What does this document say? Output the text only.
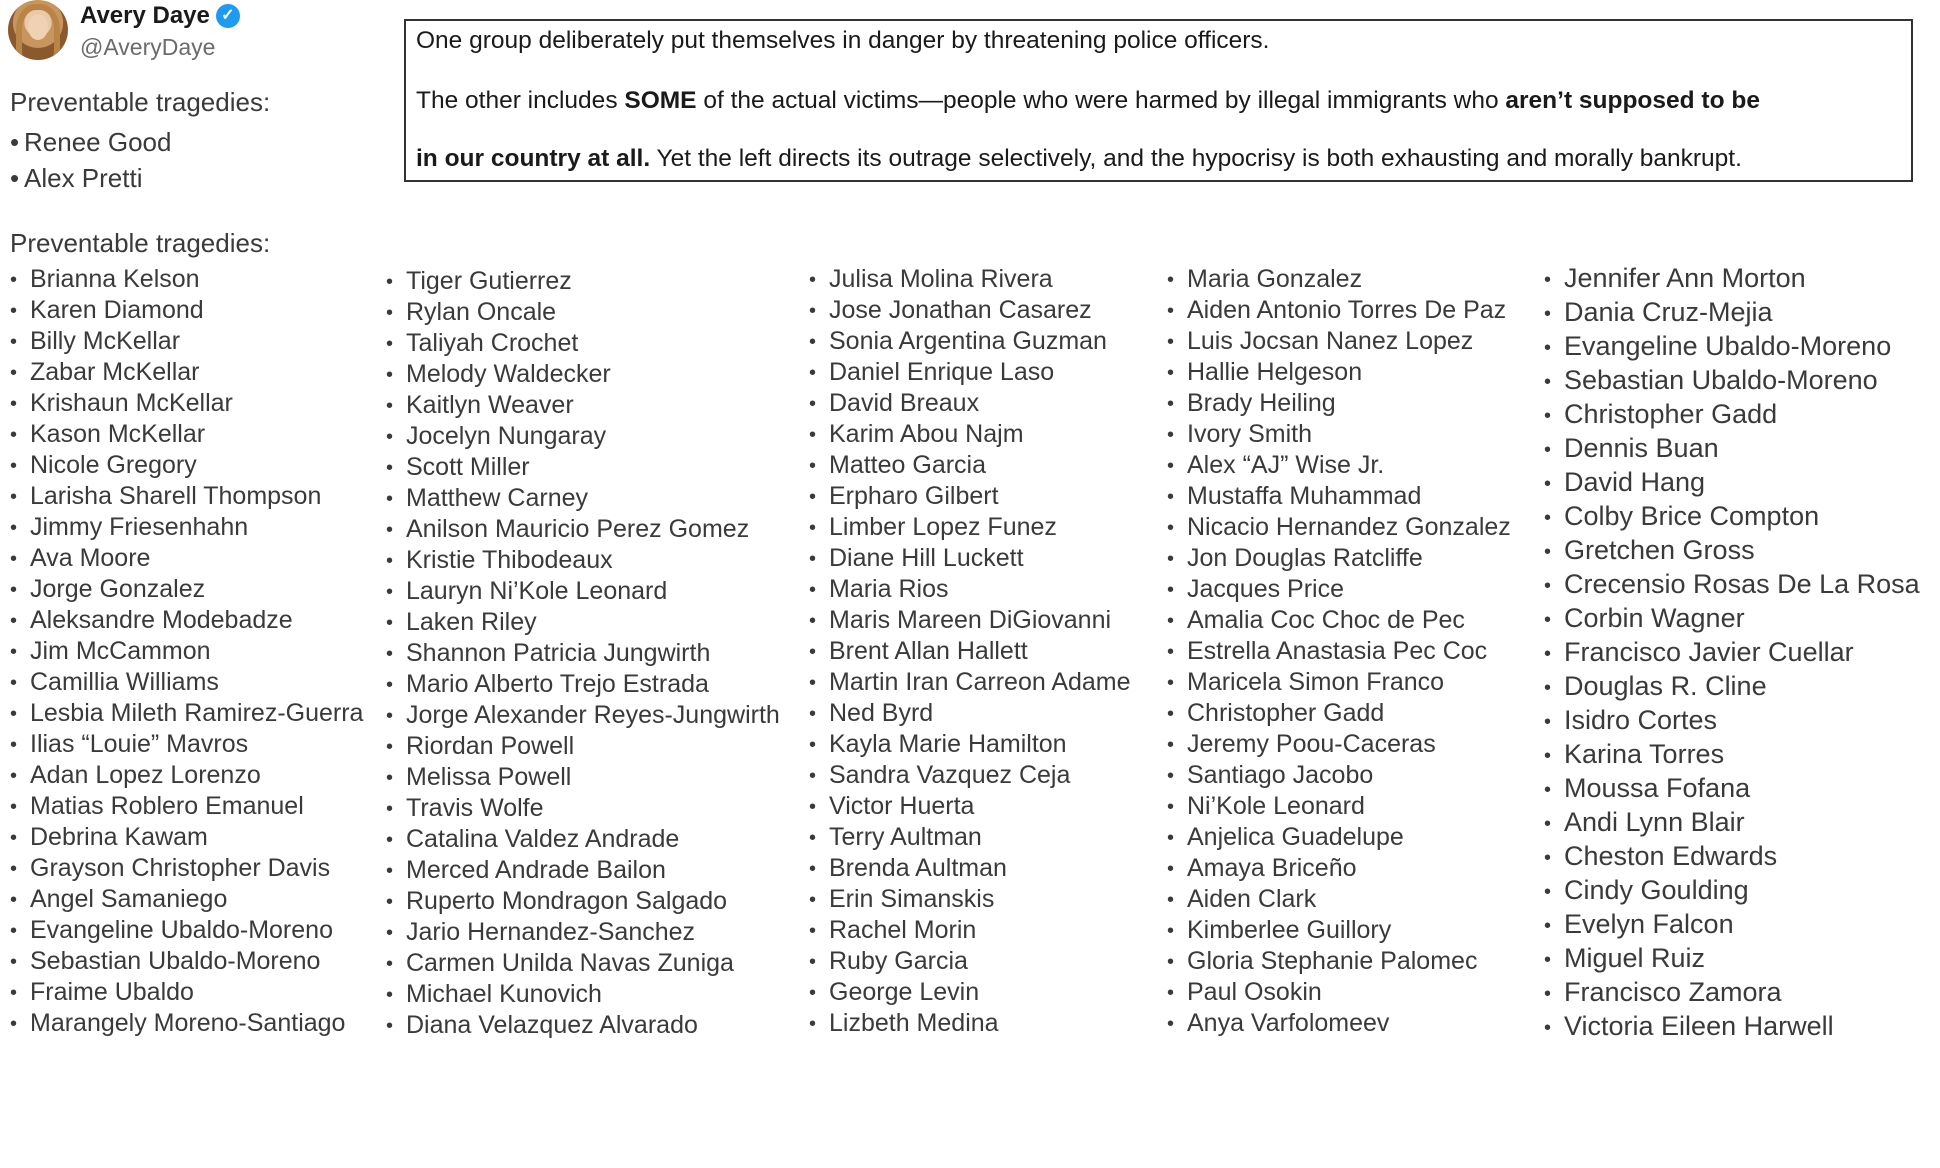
Avery Daye ✓
@AveryDaye
Preventable tragedies:
• Renee Good
• Alex Pretti
One group deliberately put themselves in danger by threatening police officers.
The other includes SOME of the actual victims—people who were harmed by illegal immigrants who aren’t supposed to be
in our country at all. Yet the left directs its outrage selectively, and the hypocrisy is both exhausting and morally bankrupt.
Preventable tragedies:
• Brianna Kelson
• Karen Diamond
• Billy McKellar
• Zabar McKellar
• Krishaun McKellar
• Kason McKellar
• Nicole Gregory
• Larisha Sharell Thompson
• Jimmy Friesenhahn
• Ava Moore
• Jorge Gonzalez
• Aleksandre Modebadze
• Jim McCammon
• Camillia Williams
• Lesbia Mileth Ramirez-Guerra
• Ilias “Louie” Mavros
• Adan Lopez Lorenzo
• Matias Roblero Emanuel
• Debrina Kawam
• Grayson Christopher Davis
• Angel Samaniego
• Evangeline Ubaldo-Moreno
• Sebastian Ubaldo-Moreno
• Fraime Ubaldo
• Marangely Moreno-Santiago
• Tiger Gutierrez
• Rylan Oncale
• Taliyah Crochet
• Melody Waldecker
• Kaitlyn Weaver
• Jocelyn Nungaray
• Scott Miller
• Matthew Carney
• Anilson Mauricio Perez Gomez
• Kristie Thibodeaux
• Lauryn Ni’Kole Leonard
• Laken Riley
• Shannon Patricia Jungwirth
• Mario Alberto Trejo Estrada
• Jorge Alexander Reyes-Jungwirth
• Riordan Powell
• Melissa Powell
• Travis Wolfe
• Catalina Valdez Andrade
• Merced Andrade Bailon
• Ruperto Mondragon Salgado
• Jario Hernandez-Sanchez
• Carmen Unilda Navas Zuniga
• Michael Kunovich
• Diana Velazquez Alvarado
• Julisa Molina Rivera
• Jose Jonathan Casarez
• Sonia Argentina Guzman
• Daniel Enrique Laso
• David Breaux
• Karim Abou Najm
• Matteo Garcia
• Erpharo Gilbert
• Limber Lopez Funez
• Diane Hill Luckett
• Maria Rios
• Maris Mareen DiGiovanni
• Brent Allan Hallett
• Martin Iran Carreon Adame
• Ned Byrd
• Kayla Marie Hamilton
• Sandra Vazquez Ceja
• Victor Huerta
• Terry Aultman
• Brenda Aultman
• Erin Simanskis
• Rachel Morin
• Ruby Garcia
• George Levin
• Lizbeth Medina
• Maria Gonzalez
• Aiden Antonio Torres De Paz
• Luis Jocsan Nanez Lopez
• Hallie Helgeson
• Brady Heiling
• Ivory Smith
• Alex “AJ” Wise Jr.
• Mustaffa Muhammad
• Nicacio Hernandez Gonzalez
• Jon Douglas Ratcliffe
• Jacques Price
• Amalia Coc Choc de Pec
• Estrella Anastasia Pec Coc
• Maricela Simon Franco
• Christopher Gadd
• Jeremy Poou-Caceras
• Santiago Jacobo
• Ni’Kole Leonard
• Anjelica Guadelupe
• Amaya Briceño
• Aiden Clark
• Kimberlee Guillory
• Gloria Stephanie Palomec
• Paul Osokin
• Anya Varfolomeev
• Jennifer Ann Morton
• Dania Cruz-Mejia
• Evangeline Ubaldo-Moreno
• Sebastian Ubaldo-Moreno
• Christopher Gadd
• Dennis Buan
• David Hang
• Colby Brice Compton
• Gretchen Gross
• Crecensio Rosas De La Rosa
• Corbin Wagner
• Francisco Javier Cuellar
• Douglas R. Cline
• Isidro Cortes
• Karina Torres
• Moussa Fofana
• Andi Lynn Blair
• Cheston Edwards
• Cindy Goulding
• Evelyn Falcon
• Miguel Ruiz
• Francisco Zamora
• Victoria Eileen Harwell
